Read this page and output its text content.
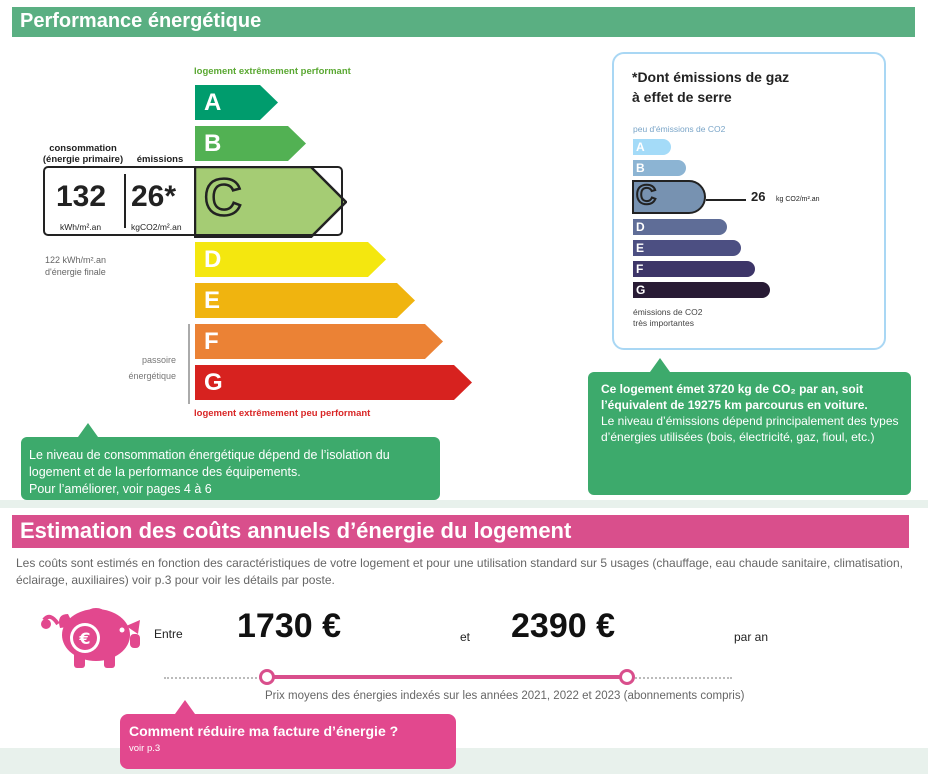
Performance énergétique
logement extrêmement performant
A
B
C
D
E
F
G
logement extrêmement peu performant
consommation
(énergie primaire)	émissions
132
kWh/m².an
26*
kgCO2/m².an
122 kWh/m².an
d'énergie finale
passoire
énergétique
Le niveau de consommation énergétique dépend de l’isolation du logement et de la performance des équipements.
Pour l’améliorer, voir pages 4 à 6
*Dont émissions de gaz
à effet de serre
peu d'émissions de CO2
A
B
C
D
E
F
G
26 kg CO2/m².an
émissions de CO2
très importantes
Ce logement émet 3720 kg de CO₂ par an, soit l’équivalent de 19275 km parcourus en voiture.
Le niveau d’émissions dépend principalement des types d’énergies utilisées (bois, électricité, gaz, fioul, etc.)
Estimation des coûts annuels d’énergie du logement
Les coûts sont estimés en fonction des caractéristiques de votre logement et pour une utilisation standard sur 5 usages (chauffage, eau chaude sanitaire, climatisation, éclairage, auxiliaires) voir p.3 pour voir les détails par poste.
€	Entre 1730 €	et 2390 €	par an
Prix moyens des énergies indexés sur les années 2021, 2022 et 2023 (abonnements compris)
Comment réduire ma facture d’énergie ?
voir p.3
